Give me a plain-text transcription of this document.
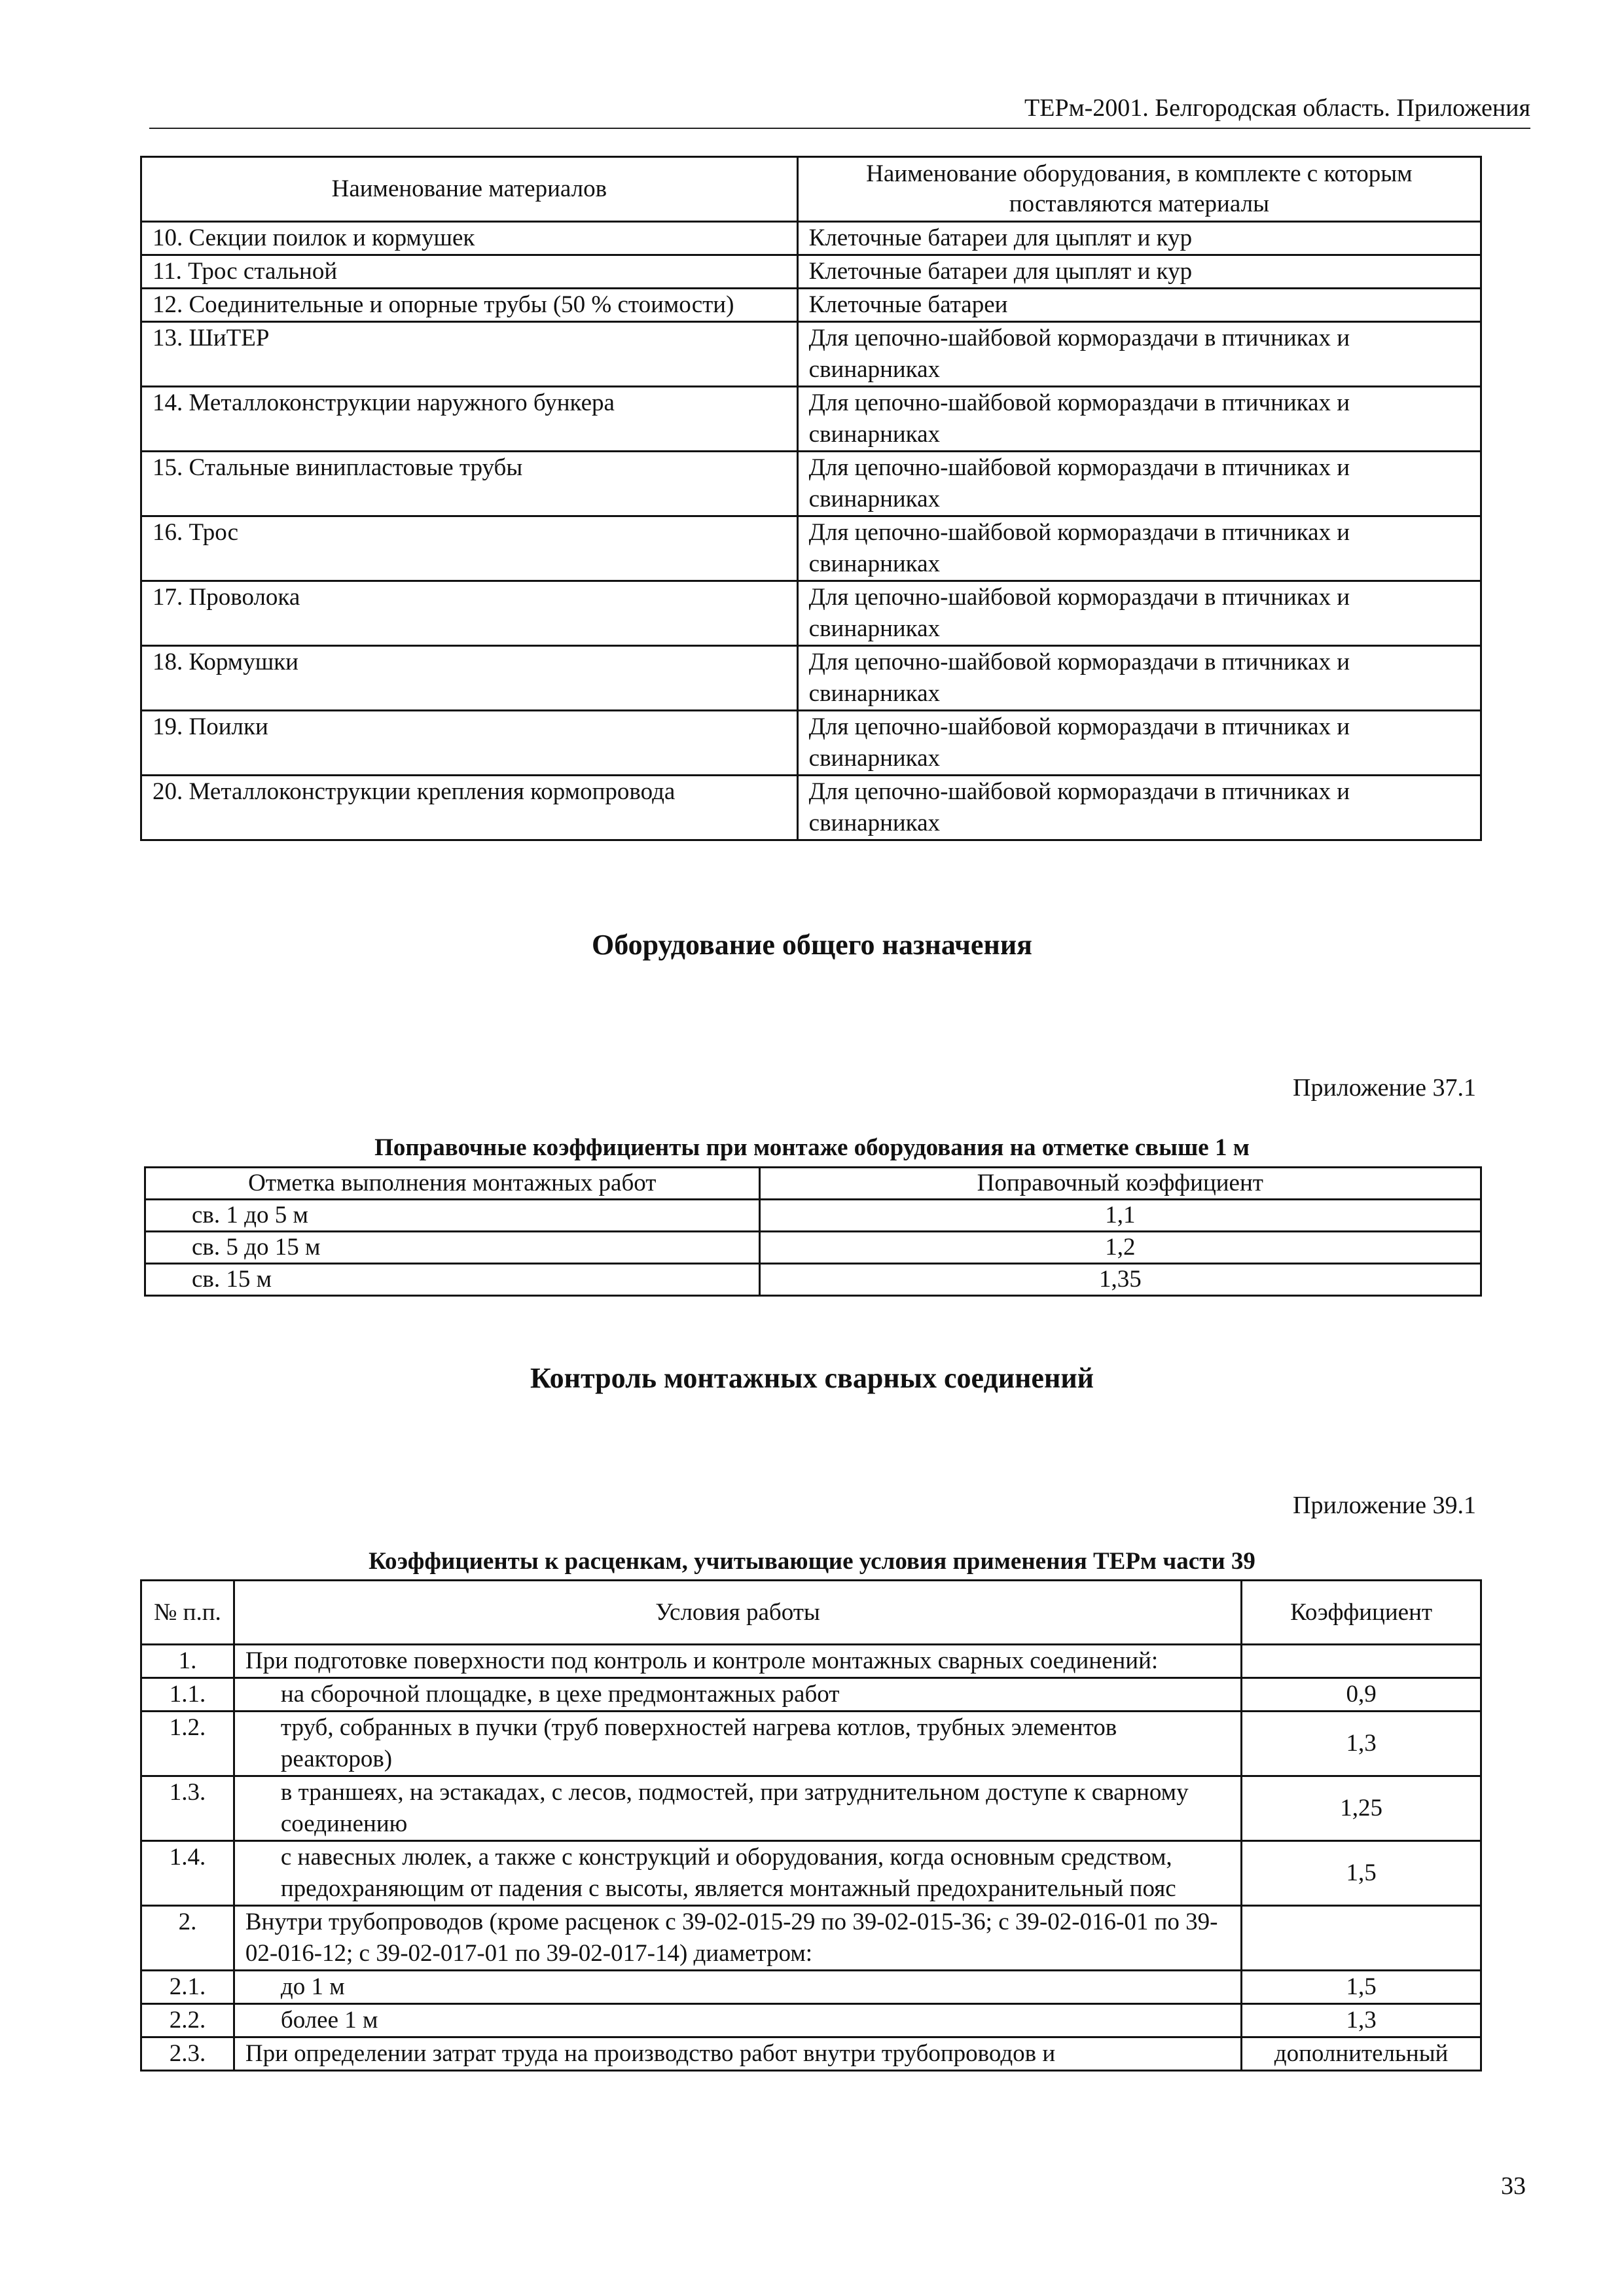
ТЕРм-2001. Белгородская область. Приложения
Наименование материалов	Наименование оборудования, в комплекте с которым поставляются материалы
10. Секции поилок и кормушек	Клеточные батареи для цыплят и кур
11. Трос стальной	Клеточные батареи для цыплят и кур
12. Соединительные и опорные трубы (50 % стоимости)	Клеточные батареи
13. ШиТЕР	Для цепочно-шайбовой кормораздачи в птичниках и свинарниках
14. Металлоконструкции наружного бункера	Для цепочно-шайбовой кормораздачи в птичниках и свинарниках
15. Стальные винипластовые трубы	Для цепочно-шайбовой кормораздачи в птичниках и свинарниках
16. Трос	Для цепочно-шайбовой кормораздачи в птичниках и свинарниках
17. Проволока	Для цепочно-шайбовой кормораздачи в птичниках и свинарниках
18. Кормушки	Для цепочно-шайбовой кормораздачи в птичниках и свинарниках
19. Поилки	Для цепочно-шайбовой кормораздачи в птичниках и свинарниках
20. Металлоконструкции крепления кормопровода	Для цепочно-шайбовой кормораздачи в птичниках и свинарниках
Оборудование общего назначения
Приложение 37.1
Поправочные коэффициенты при монтаже оборудования на отметке свыше 1 м
Отметка выполнения монтажных работ	Поправочный коэффициент
св. 1 до 5 м	1,1
св. 5 до 15 м	1,2
св. 15 м	1,35
Контроль монтажных сварных соединений
Приложение 39.1
Коэффициенты к расценкам, учитывающие условия применения ТЕРм части 39
№ п.п.	Условия работы	Коэффициент
1.	При подготовке поверхности под контроль и контроле монтажных сварных соединений:	
1.1.	на сборочной площадке, в цехе предмонтажных работ	0,9
1.2.	труб, собранных в пучки (труб поверхностей нагрева котлов, трубных элементов реакторов)	1,3
1.3.	в траншеях, на эстакадах, с лесов, подмостей, при затруднительном доступе к сварному соединению	1,25
1.4.	с навесных люлек, а также с конструкций и оборудования, когда основным средством, предохраняющим от падения с высоты, является монтажный предохранительный пояс	1,5
2.	Внутри трубопроводов (кроме расценок с 39-02-015-29 по 39-02-015-36; с 39-02-016-01 по 39-02-016-12; с 39-02-017-01 по 39-02-017-14) диаметром:	
2.1.	до 1 м	1,5
2.2.	более 1 м	1,3
2.3.	При определении затрат труда на производство работ внутри трубопроводов и	дополнительный
33
